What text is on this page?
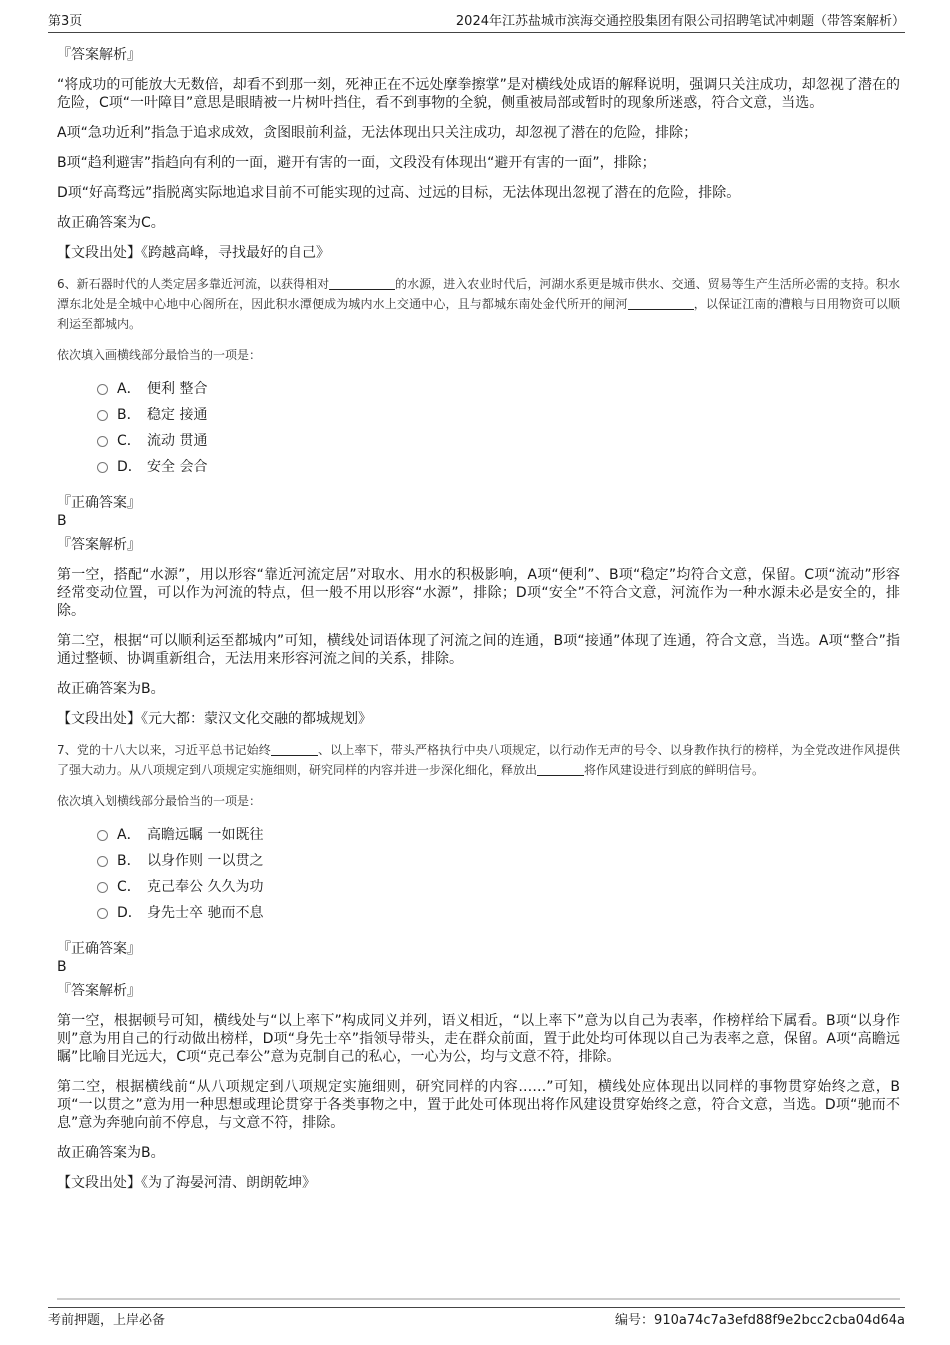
第3页	2024年江苏盐城市滨海交通控股集团有限公司招聘笔试冲刺题（带答案解析）

『答案解析』

“将成功的可能放大无数倍，却看不到那一刻，死神正在不远处摩拳擦掌”是对横线处成语的解释说明，强调只关注成功，却忽视了潜在的危险，C项“一叶障目”意思是眼睛被一片树叶挡住，看不到事物的全貌，侧重被局部或暂时的现象所迷惑，符合文意，当选。

A项“急功近利”指急于追求成效，贪图眼前利益，无法体现出只关注成功，却忽视了潜在的危险，排除；

B项“趋利避害”指趋向有利的一面，避开有害的一面，文段没有体现出“避开有害的一面”，排除；

D项“好高骛远”指脱离实际地追求目前不可能实现的过高、过远的目标，无法体现出忽视了潜在的危险，排除。

故正确答案为C。

【文段出处】《跨越高峰，寻找最好的自己》

6、新石器时代的人类定居多靠近河流，以获得相对	的水源，进入农业时代后，河湖水系更是城市供水、交通、贸易等生产生活所必需的支持。积水潭东北处是全城中心地中心阁所在，因此积水潭便成为城内水上交通中心，且与都城东南处金代所开的闸河	，以保证江南的漕粮与日用物资可以顺利运至都城内。

依次填入画横线部分最恰当的一项是：

A． 便利 整合
B． 稳定 接通
C． 流动 贯通
D． 安全 会合

『正确答案』

B

『答案解析』

第一空，搭配“水源”，用以形容“靠近河流定居”对取水、用水的积极影响，A项“便利”、B项“稳定”均符合文意，保留。C项“流动”形容经常变动位置，可以作为河流的特点，但一般不用以形容“水源”，排除；D项“安全”不符合文意，河流作为一种水源未必是安全的，排除。

第二空，根据“可以顺利运至都城内”可知，横线处词语体现了河流之间的连通，B项“接通”体现了连通，符合文意，当选。A项“整合”指通过整顿、协调重新组合，无法用来形容河流之间的关系，排除。

故正确答案为B。

【文段出处】《元大都：蒙汉文化交融的都城规划》

7、党的十八大以来，习近平总书记始终	、以上率下，带头严格执行中央八项规定，以行动作无声的号令、以身教作执行的榜样，为全党改进作风提供了强大动力。从八项规定到八项规定实施细则，研究同样的内容并进一步深化细化，释放出	将作风建设进行到底的鲜明信号。

依次填入划横线部分最恰当的一项是：

A． 高瞻远瞩 一如既往
B． 以身作则 一以贯之
C． 克己奉公 久久为功
D． 身先士卒 驰而不息

『正确答案』

B

『答案解析』

第一空，根据顿号可知，横线处与“以上率下”构成同义并列，语义相近，“以上率下”意为以自己为表率，作榜样给下属看。B项“以身作则”意为用自己的行动做出榜样，D项“身先士卒”指领导带头，走在群众前面，置于此处均可体现以自己为表率之意，保留。A项“高瞻远瞩”比喻目光远大，C项“克己奉公”意为克制自己的私心，一心为公，均与文意不符，排除。

第二空，根据横线前“从八项规定到八项规定实施细则，研究同样的内容……”可知，横线处应体现出以同样的事物贯穿始终之意，B项“一以贯之”意为用一种思想或理论贯穿于各类事物之中，置于此处可体现出将作风建设贯穿始终之意，符合文意，当选。D项“驰而不息”意为奔驰向前不停息，与文意不符，排除。

故正确答案为B。

【文段出处】《为了海晏河清、朗朗乾坤》

考前押题，上岸必备	编号：910a74c7a3efd88f9e2bcc2cba04d64a
